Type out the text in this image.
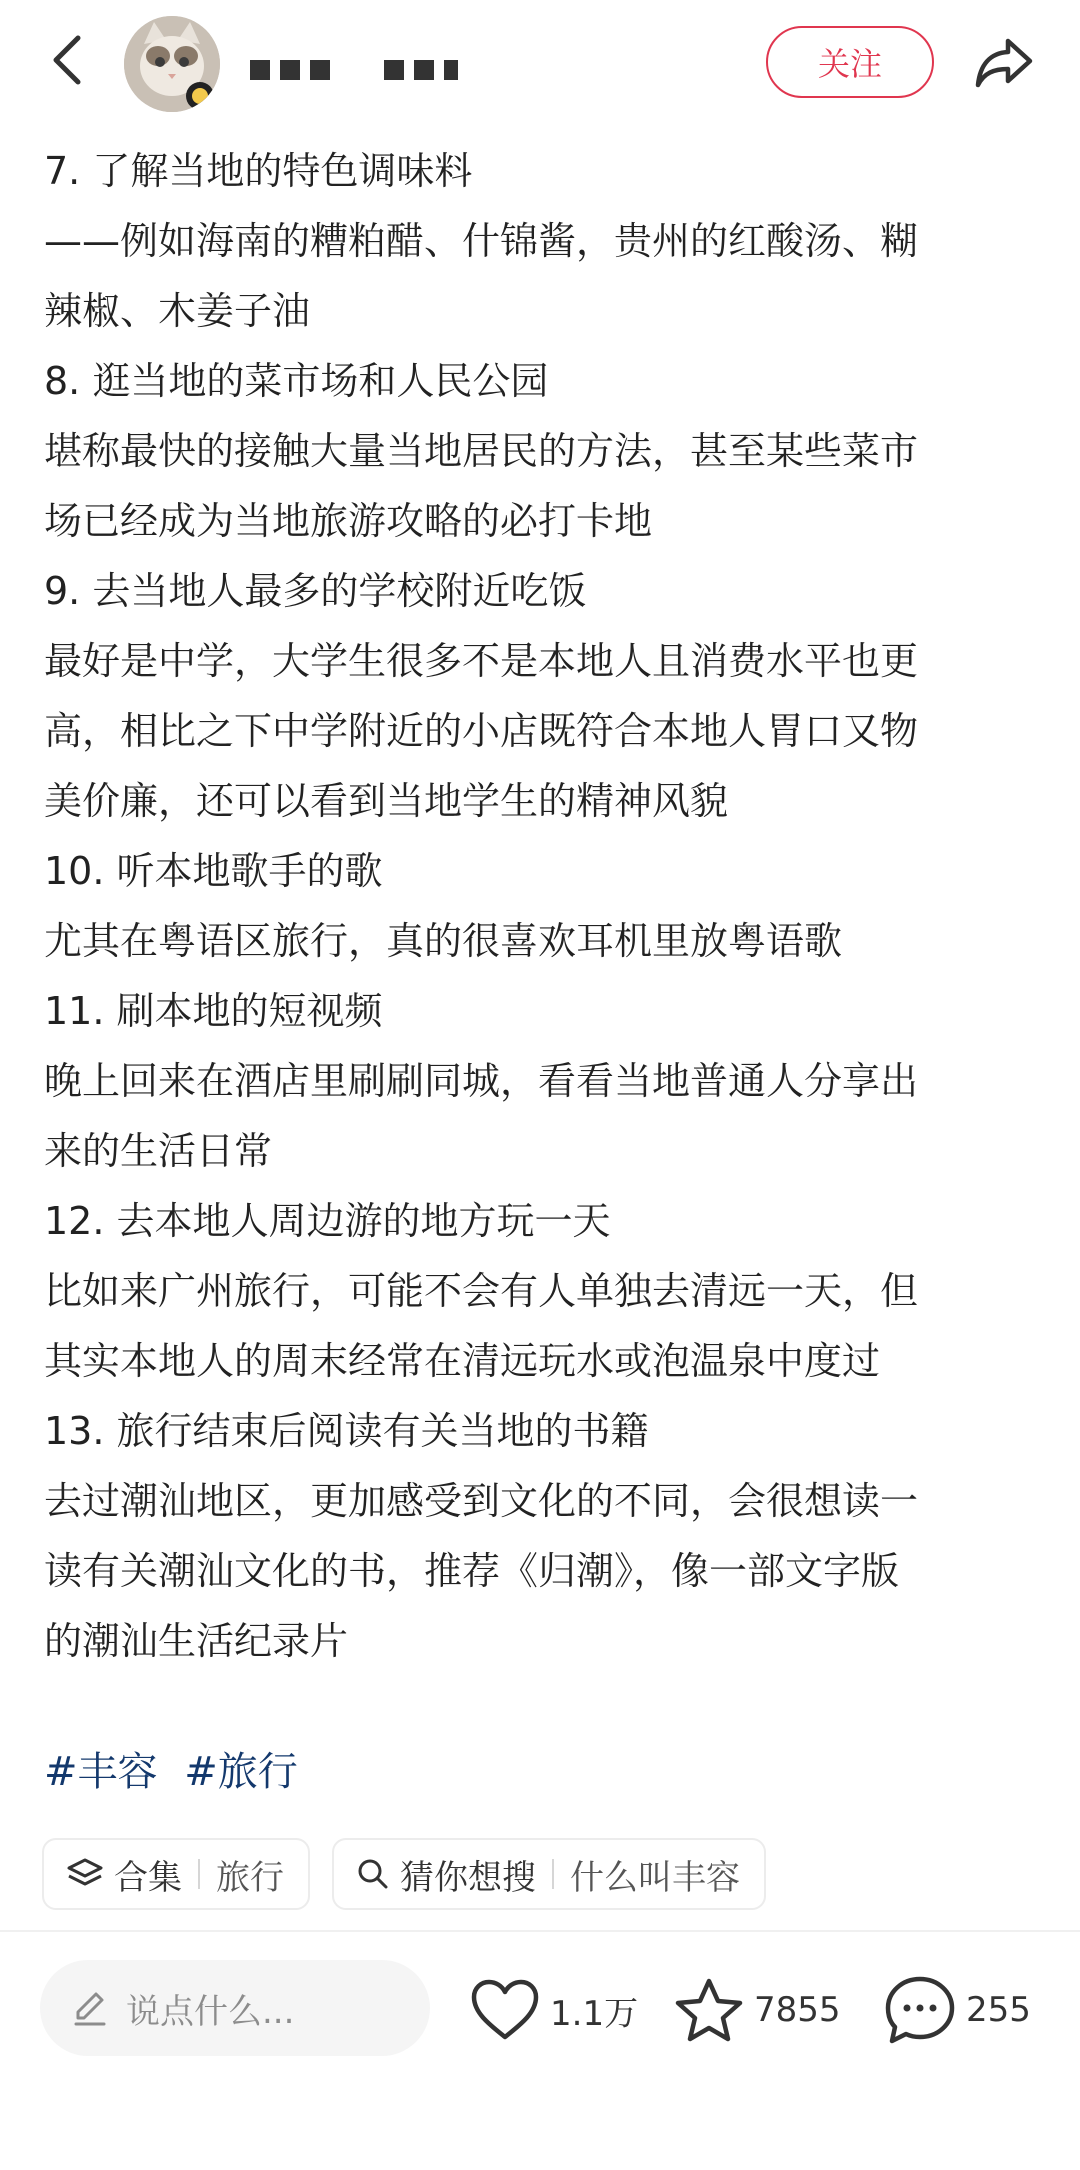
关注

7. 了解当地的特色调味料

——例如海南的糟粕醋、什锦酱，贵州的红酸汤、糊

辣椒、木姜子油

8. 逛当地的菜市场和人民公园

堪称最快的接触大量当地居民的方法，甚至某些菜市

场已经成为当地旅游攻略的必打卡地

9. 去当地人最多的学校附近吃饭

最好是中学，大学生很多不是本地人且消费水平也更

高，相比之下中学附近的小店既符合本地人胃口又物

美价廉，还可以看到当地学生的精神风貌

10. 听本地歌手的歌

尤其在粤语区旅行，真的很喜欢耳机里放粤语歌

11. 刷本地的短视频

晚上回来在酒店里刷刷同城，看看当地普通人分享出

来的生活日常

12. 去本地人周边游的地方玩一天

比如来广州旅行，可能不会有人单独去清远一天，但

其实本地人的周末经常在清远玩水或泡温泉中度过

13. 旅行结束后阅读有关当地的书籍

去过潮汕地区，更加感受到文化的不同，会很想读一

读有关潮汕文化的书，推荐《归潮》，像一部文字版

的潮汕生活纪录片

#丰容 #旅行
合集 旅行	猜你想搜 什么叫丰容
说点什么...	1.1万	7855	255
